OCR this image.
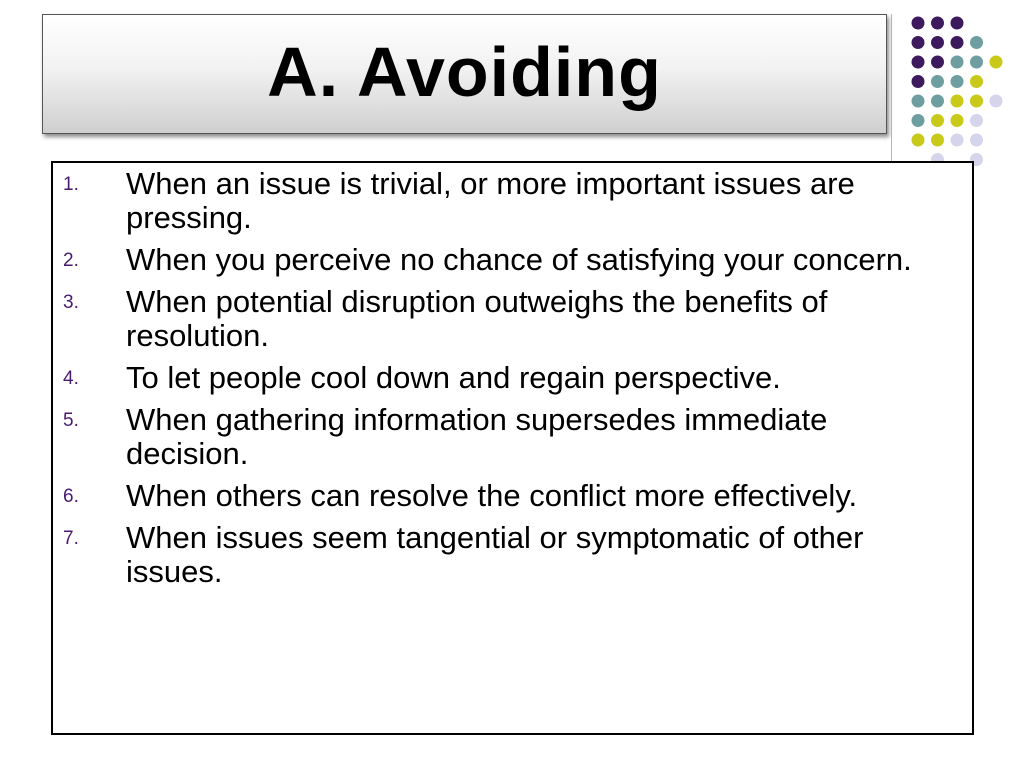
A. Avoiding
1. When an issue is trivial, or more important issues are pressing.
2. When you perceive no chance of satisfying your concern.
3. When potential disruption outweighs the benefits of resolution.
4. To let people cool down and regain perspective.
5. When gathering information supersedes immediate decision.
6. When others can resolve the conflict more effectively.
7. When issues seem tangential or symptomatic of other issues.
